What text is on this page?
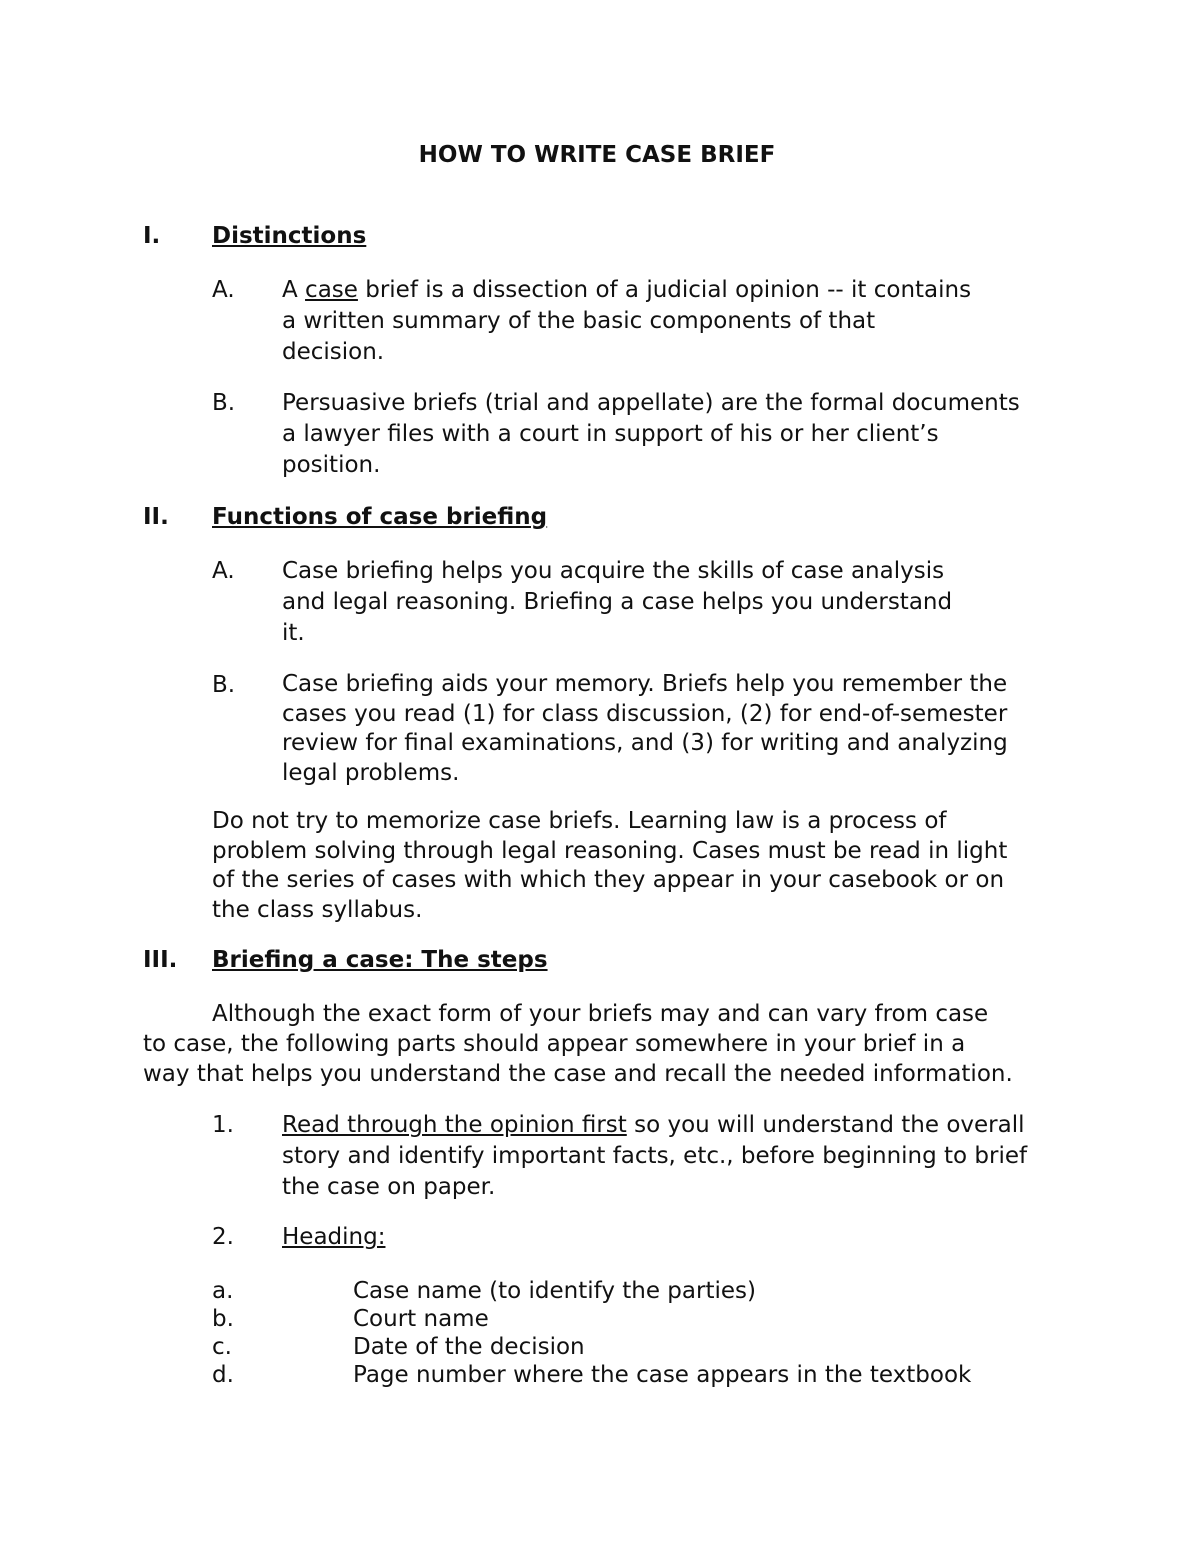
HOW TO WRITE CASE BRIEF
I. Distinctions
A. A case brief is a dissection of a judicial opinion -- it contains
a written summary of the basic components of that
decision.
B. Persuasive briefs (trial and appellate) are the formal documents
a lawyer files with a court in support of his or her client’s
position.
II. Functions of case briefing
A. Case briefing helps you acquire the skills of case analysis
and legal reasoning. Briefing a case helps you understand
it.
B. Case briefing aids your memory. Briefs help you remember the
cases you read (1) for class discussion, (2) for end-of-semester
review for final examinations, and (3) for writing and analyzing
legal problems.
Do not try to memorize case briefs. Learning law is a process of
problem solving through legal reasoning. Cases must be read in light
of the series of cases with which they appear in your casebook or on
the class syllabus.
III. Briefing a case: The steps
Although the exact form of your briefs may and can vary from case
to case, the following parts should appear somewhere in your brief in a
way that helps you understand the case and recall the needed information.
1. Read through the opinion first so you will understand the overall
story and identify important facts, etc., before beginning to brief
the case on paper.
2. Heading:
a.	Case name (to identify the parties)
b.	Court name
c.	Date of the decision
d.	Page number where the case appears in the textbook
